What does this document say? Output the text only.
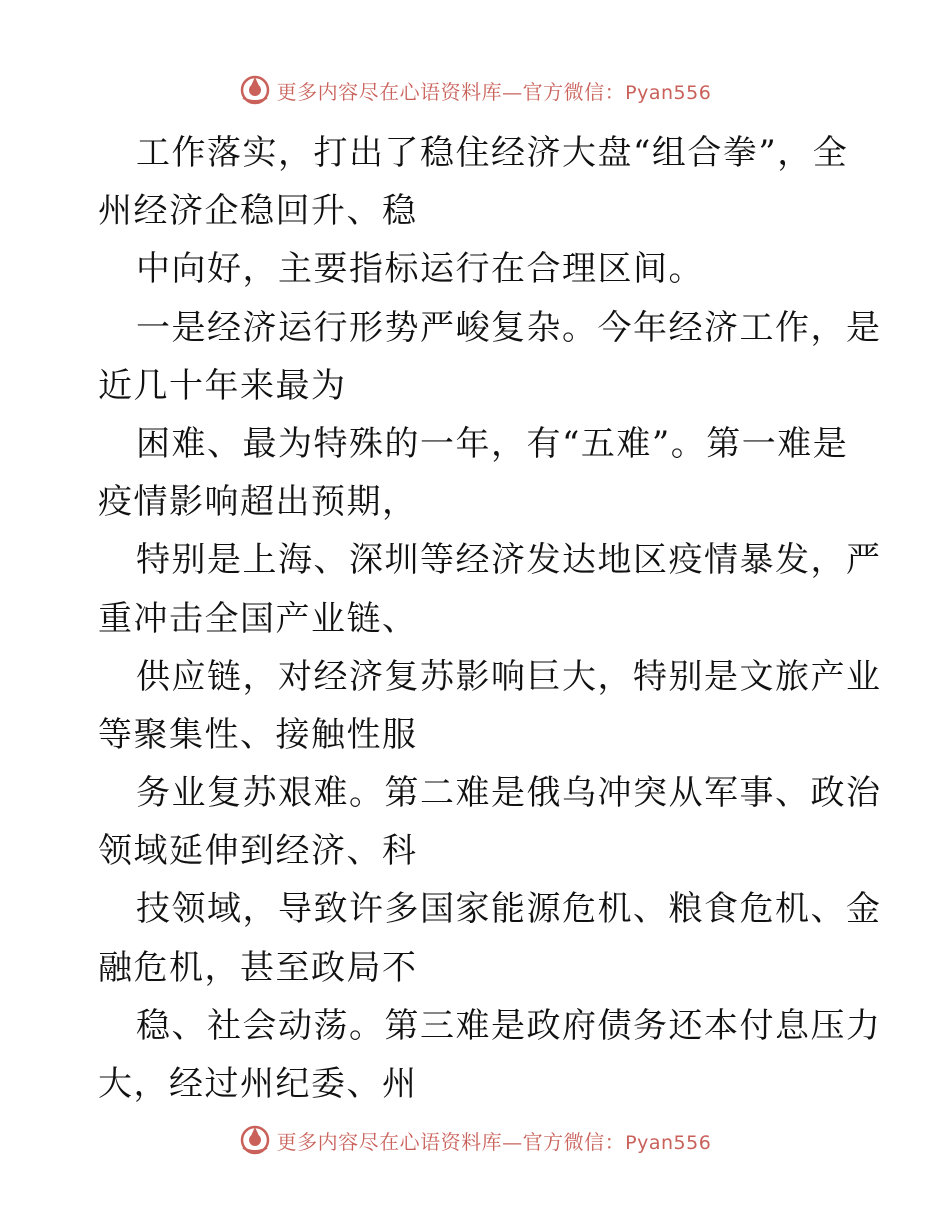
更多内容尽在心语资料库—官方微信：Pyan556
工作落实，打出了稳住经济大盘“组合拳”，全
州经济企稳回升、稳
中向好，主要指标运行在合理区间。
一是经济运行形势严峻复杂。今年经济工作，是
近几十年来最为
困难、最为特殊的一年，有“五难”。第一难是
疫情影响超出预期，
特别是上海、深圳等经济发达地区疫情暴发，严
重冲击全国产业链、
供应链，对经济复苏影响巨大，特别是文旅产业
等聚集性、接触性服
务业复苏艰难。第二难是俄乌冲突从军事、政治
领域延伸到经济、科
技领域，导致许多国家能源危机、粮食危机、金
融危机，甚至政局不
稳、社会动荡。第三难是政府债务还本付息压力
大，经过州纪委、州
更多内容尽在心语资料库—官方微信：Pyan556
